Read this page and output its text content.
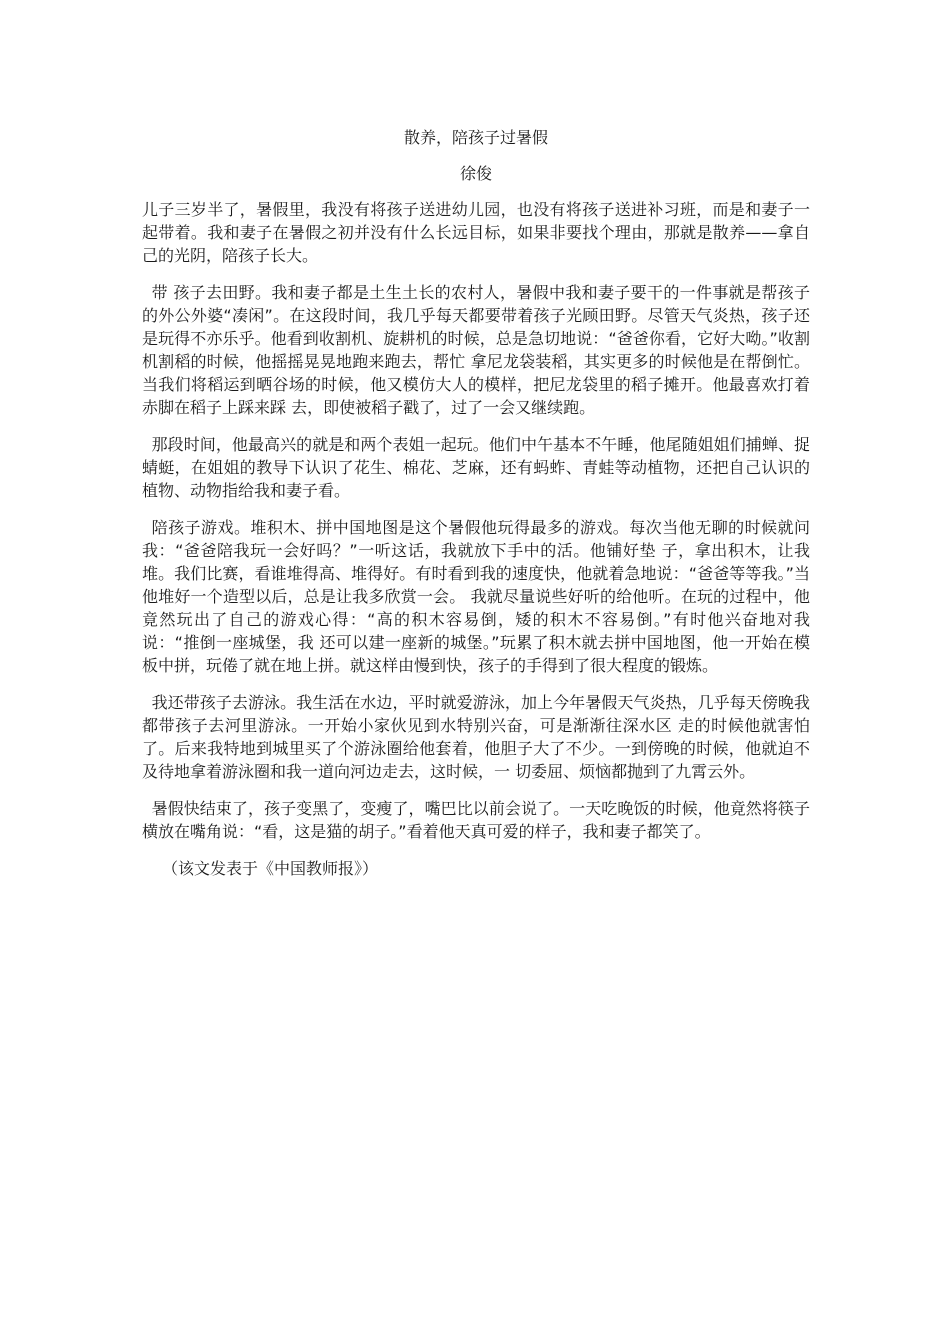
散养，陪孩子过暑假
徐俊

儿子三岁半了，暑假里，我没有将孩子送进幼儿园，也没有将孩子送进补习班，而是和妻子一起带着。我和妻子在暑假之初并没有什么长远目标，如果非要找个理由，那就是散养——拿自己的光阴，陪孩子长大。

带 孩子去田野。我和妻子都是土生土长的农村人，暑假中我和妻子要干的一件事就是帮孩子的外公外婆“凑闲”。在这段时间，我几乎每天都要带着孩子光顾田野。尽管天气炎热，孩子还是玩得不亦乐乎。他看到收割机、旋耕机的时候，总是急切地说：“爸爸你看，它好大呦。”收割机割稻的时候，他摇摇晃晃地跑来跑去，帮忙 拿尼龙袋装稻，其实更多的时候他是在帮倒忙。当我们将稻运到晒谷场的时候，他又模仿大人的模样，把尼龙袋里的稻子摊开。他最喜欢打着赤脚在稻子上踩来踩 去，即使被稻子戳了，过了一会又继续跑。

那段时间，他最高兴的就是和两个表姐一起玩。他们中午基本不午睡，他尾随姐姐们捕蝉、捉蜻蜓，在姐姐的教导下认识了花生、棉花、芝麻，还有蚂蚱、青蛙等动植物，还把自己认识的植物、动物指给我和妻子看。

陪孩子游戏。堆积木、拼中国地图是这个暑假他玩得最多的游戏。每次当他无聊的时候就问我：“爸爸陪我玩一会好吗？”一听这话，我就放下手中的活。他铺好垫 子，拿出积木，让我堆。我们比赛，看谁堆得高、堆得好。有时看到我的速度快，他就着急地说：“爸爸等等我。”当他堆好一个造型以后，总是让我多欣赏一会。 我就尽量说些好听的给他听。在玩的过程中，他竟然玩出了自己的游戏心得：“高的积木容易倒，矮的积木不容易倒。”有时他兴奋地对我说：“推倒一座城堡，我 还可以建一座新的城堡。”玩累了积木就去拼中国地图，他一开始在模板中拼，玩倦了就在地上拼。就这样由慢到快，孩子的手得到了很大程度的锻炼。

我还带孩子去游泳。我生活在水边，平时就爱游泳，加上今年暑假天气炎热，几乎每天傍晚我都带孩子去河里游泳。一开始小家伙见到水特别兴奋，可是渐渐往深水区 走的时候他就害怕了。后来我特地到城里买了个游泳圈给他套着，他胆子大了不少。一到傍晚的时候，他就迫不及待地拿着游泳圈和我一道向河边走去，这时候，一 切委屈、烦恼都抛到了九霄云外。

暑假快结束了，孩子变黑了，变瘦了，嘴巴比以前会说了。一天吃晚饭的时候，他竟然将筷子横放在嘴角说：“看，这是猫的胡子。”看着他天真可爱的样子，我和妻子都笑了。

（该文发表于《中国教师报》）
